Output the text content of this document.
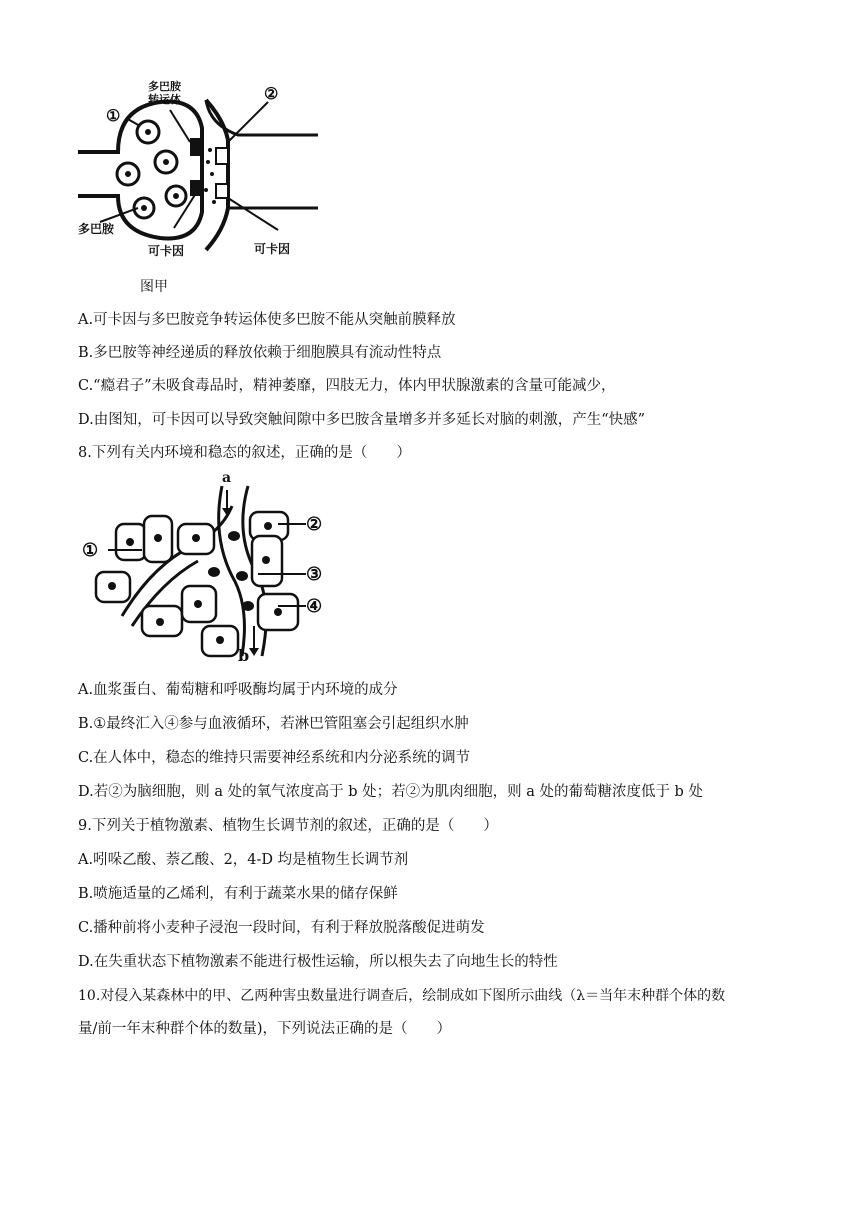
多巴胺
转运体
①
②
多巴胺
可卡因	可卡因
图甲
A.可卡因与多巴胺竞争转运体使多巴胺不能从突触前膜释放
B.多巴胺等神经递质的释放依赖于细胞膜具有流动性特点
C.“瘾君子”未吸食毒品时，精神萎靡，四肢无力，体内甲状腺激素的含量可能减少，
D.由图知，可卡因可以导致突触间隙中多巴胺含量增多并多延长对脑的刺激，产生“快感”
8.下列有关内环境和稳态的叙述，正确的是（　　）
a
b
①
②
③
④
A.血浆蛋白、葡萄糖和呼吸酶均属于内环境的成分
B.①最终汇入④参与血液循环，若淋巴管阻塞会引起组织水肿
C.在人体中，稳态的维持只需要神经系统和内分泌系统的调节
D.若②为脑细胞，则 a 处的氧气浓度高于 b 处；若②为肌肉细胞，则 a 处的葡萄糖浓度低于 b 处
9.下列关于植物激素、植物生长调节剂的叙述，正确的是（　　）
A.吲哚乙酸、萘乙酸、2，4-D 均是植物生长调节剂
B.喷施适量的乙烯利，有利于蔬菜水果的储存保鲜
C.播种前将小麦种子浸泡一段时间，有利于释放脱落酸促进萌发
D.在失重状态下植物激素不能进行极性运输，所以根失去了向地生长的特性
10.对侵入某森林中的甲、乙两种害虫数量进行调查后，绘制成如下图所示曲线（λ＝当年末种群个体的数
量/前一年末种群个体的数量)，下列说法正确的是（　　）
